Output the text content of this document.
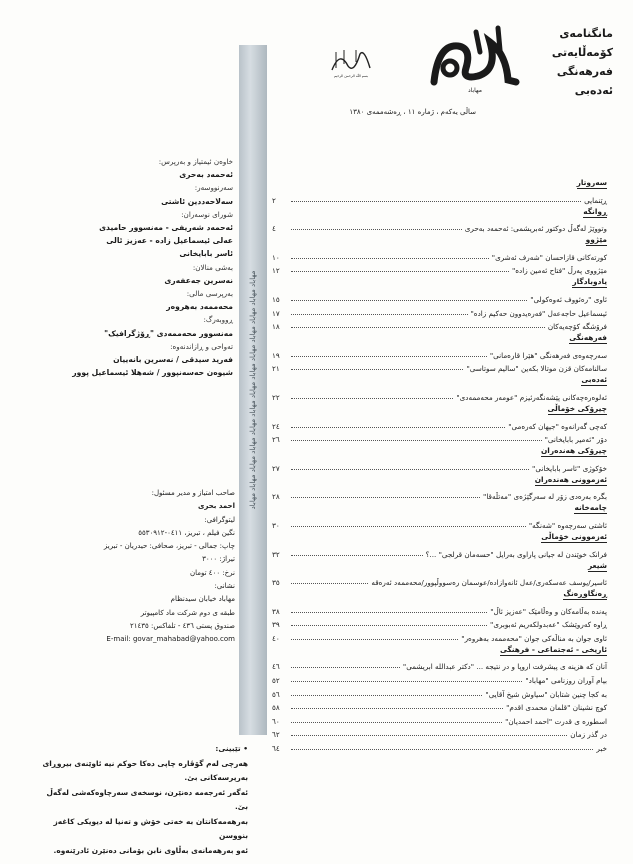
مهاباد
مانگنامەی
کۆمەڵایەتی
فەرهەنگی
ئەدەبی
بسم اللّه الرحمن الرحیم
ساڵی یەکەم ، ژمارە ١١ ، ڕەشەممەی ١٣٨٠
مهاباد مهاباد مهاباد مهاباد مهاباد مهاباد مهاباد مهاباد مهاباد مهاباد مهاباد مهاباد مهاباد
سەروتار
ڕێنمایی
٢
ڕوانگە
وتووێژ لەگەڵ دوکتور ئەبریشمی: ئەحمەد بەحری
٤
مێژوو
کورتەکانی قازاحسان "شەرف ئەشری"
١٠
مێژووی پەرڵ "فتاح ئەمین زادە"
١٢
یادوبادگار
ئاوی "رەئووف ئەوەکولی"
١٥
ئیسماعیل حاجەعەل "فەرەیدوون حەکیم زادە"
١٧
فرۆشگە کۆچەیەکان
١٨
فەرهەنگی
سەرچەوەی فەرهەنگی "هێرا قارەمانی"
١٩
سالنامەکان قزن موتالا بکەین "سالیم سوتاسی"
٢١
ئەدەبی
ئەلوەرەچەکانی پێشەنگەرئیزم "عومەر محەممەدی"
٢٢
چیرۆکی خۆماڵی
کەچی گەرانەوە "جیهان کەرەمی"
٢٤
دۆر "ئەمیر بابایخانی"
٢٦
چیرۆکی هەندەران
خۆکوژی "ئاسر بابایخانی"
٢٧
ئەزموونی هەندەران
بگرە بەرەدی زۆر لە سەرگێژەی "مەتڵەقا"
٢٨
چامەخانە
ئاشتی سەرچەوە "شەنگە"
٣٠
ئەزموونی خۆماڵی
فرانک خوێندن لە جیانی پاراوی بەرایل "حسەمان قرلجی" ...؟
٣٢
شیعر
ئاسیر/یوسف عەسکەری/عەل ئانەوازادە/عوسمان رەسووڵپوور/محەممەد ئەرەقە
٣٥
ڕەنگاوڕەنگ
پەندە بەڵامەکان و وەڵامێک "عەزیز ئاڵ"
٣٨
ڕاوە کەروێشک "عەبدولکەریم ئەبوبری"
٣٩
ئاوی جوان بە مناڵەکی جوان "محەممەد بەهروەر"
٤٠
ئاریخی - ئەجتماعی - فرهنگی
آنان که هزینه ی پیشرفت اروپا و در نتیجه ... "دکتر عبدالله ابریشمی"
٤٦
بیام آوران روزنامی "مهاباد"
٥٢
به کجا چنین شتابان "سیاوش شیخ آقایی"
٥٦
کوچ نشینان "قلمان محمدی اقدم"
٥٨
اسطوره ی قدرت "احمد احمدیان"
٦٠
در گذر زمان
٦٢
خبر
٦٤
خاوەن ئیمتیاز و بەرپرس:
ئەحمەد بەحری
سەرنووسەر:
سەلاحەددین ئاشتی
شورای نوسەران:
ئەحمەد شەریفی - مەنسوور حامیدی
عەلی ئیسماعیل زادە - عەزیز ئالی
ئاسر بابایخانی
بەشی منالان:
نەسرین جەعفەری
بەرپرسی مالی:
محەممەد بەهروەر
ڕووبەرگ:
مەنسوور محەممەدی "ڕۆژگرافیک"
تەواحی و ڕازاندنەوە:
فەرید سیدقی / نەسرین بانەییان
شیوەن حەسەنپوور / شەهلا ئیسماعیل پوور
صاحب امتیاز و مدیر مسئول:
احمد بحری
لیتوگرافی:
نگین فیلم ، تبریز، ٠٤١١-٥٥٣٠٩١٢
چاپ: جمالی - تبریز، صحافی: حیدریان - تبریز
تیراژ: ٣٠٠٠
نرخ: ٤٠٠ تومان
نشانی:
مهاباد خیابان سیدنظام
طبقه ی دوم شرکت ماد کامپیوتر
صندوق پستی ٤٣٦ - تلفاکس: ٢١٤٣٥
E-mail: govar_mahabad@yahoo.com
• تێبینی:
هەرچی لەم گۆڤارە چاپی دەکا حوکم نیە ئاوێنەی بیروڕای بەرپرسەکانی بێ.
ئەگەر ئەرجەمە دەنێرن، نوسخەی سەرچاوەکەشی لەگەڵ بێ.
بەرهەمەکانتان بە خەتی خۆش و تەنیا لە دیویکی کاغەز بنووسن
ئەو بەرهەمانەی بەڵاوی نابن بۆمانی دەنێرن ئادرێنەوە.
